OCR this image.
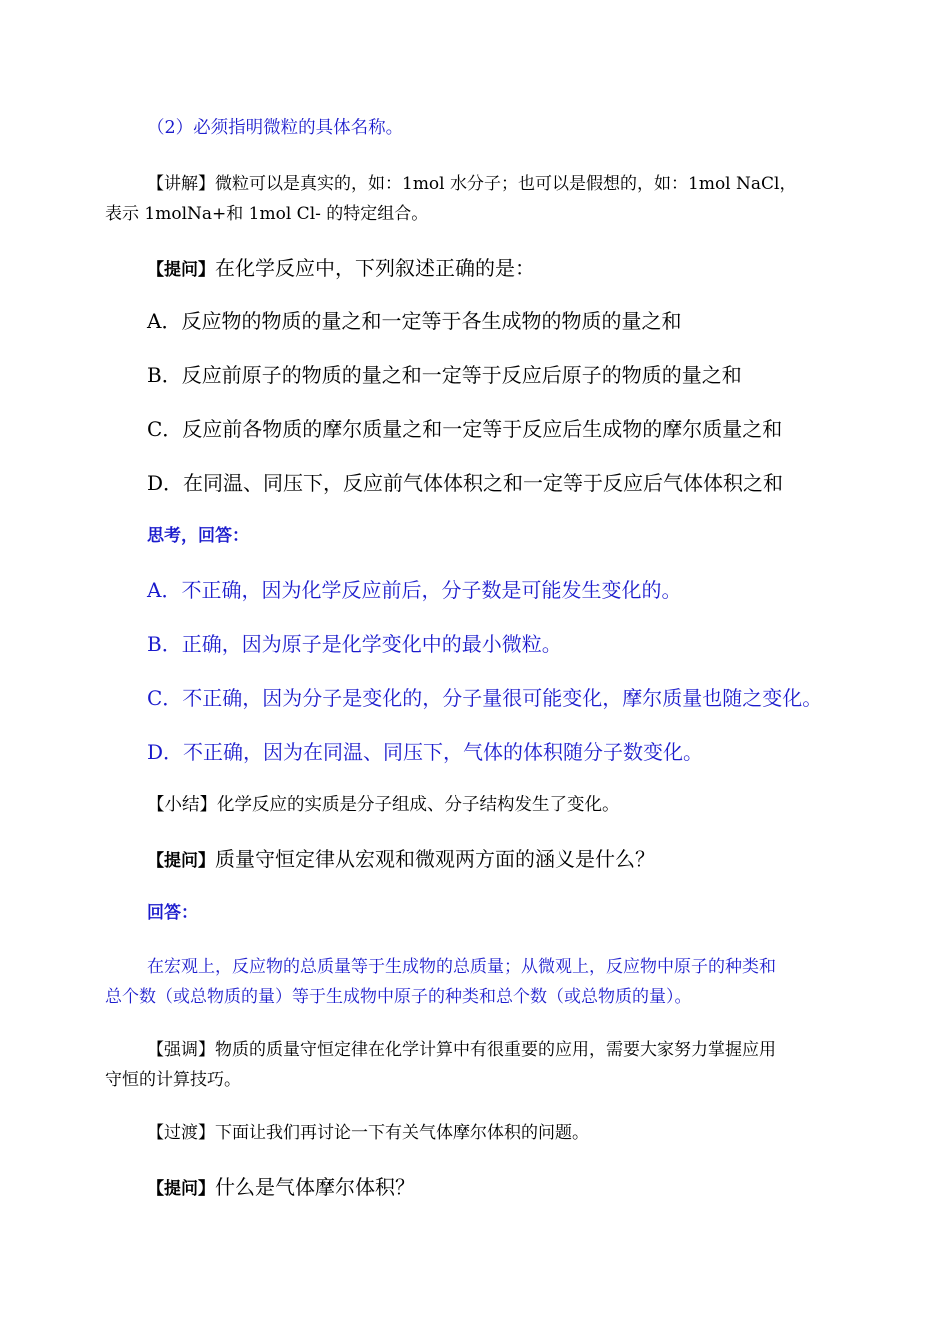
（2）必须指明微粒的具体名称。
【讲解】微粒可以是真实的，如：1mol 水分子；也可以是假想的，如：1mol NaCl，
表示 1molNa+和 1mol Cl- 的特定组合。
【提问】在化学反应中，下列叙述正确的是：
A．反应物的物质的量之和一定等于各生成物的物质的量之和
B．反应前原子的物质的量之和一定等于反应后原子的物质的量之和
C．反应前各物质的摩尔质量之和一定等于反应后生成物的摩尔质量之和
D．在同温、同压下，反应前气体体积之和一定等于反应后气体体积之和
思考，回答：
A．不正确，因为化学反应前后，分子数是可能发生变化的。
B．正确，因为原子是化学变化中的最小微粒。
C．不正确，因为分子是变化的，分子量很可能变化，摩尔质量也随之变化。
D．不正确，因为在同温、同压下，气体的体积随分子数变化。
【小结】化学反应的实质是分子组成、分子结构发生了变化。
【提问】质量守恒定律从宏观和微观两方面的涵义是什么？
回答：
在宏观上，反应物的总质量等于生成物的总质量；从微观上，反应物中原子的种类和
总个数（或总物质的量）等于生成物中原子的种类和总个数（或总物质的量）。
【强调】物质的质量守恒定律在化学计算中有很重要的应用，需要大家努力掌握应用
守恒的计算技巧。
【过渡】下面让我们再讨论一下有关气体摩尔体积的问题。
【提问】什么是气体摩尔体积？
